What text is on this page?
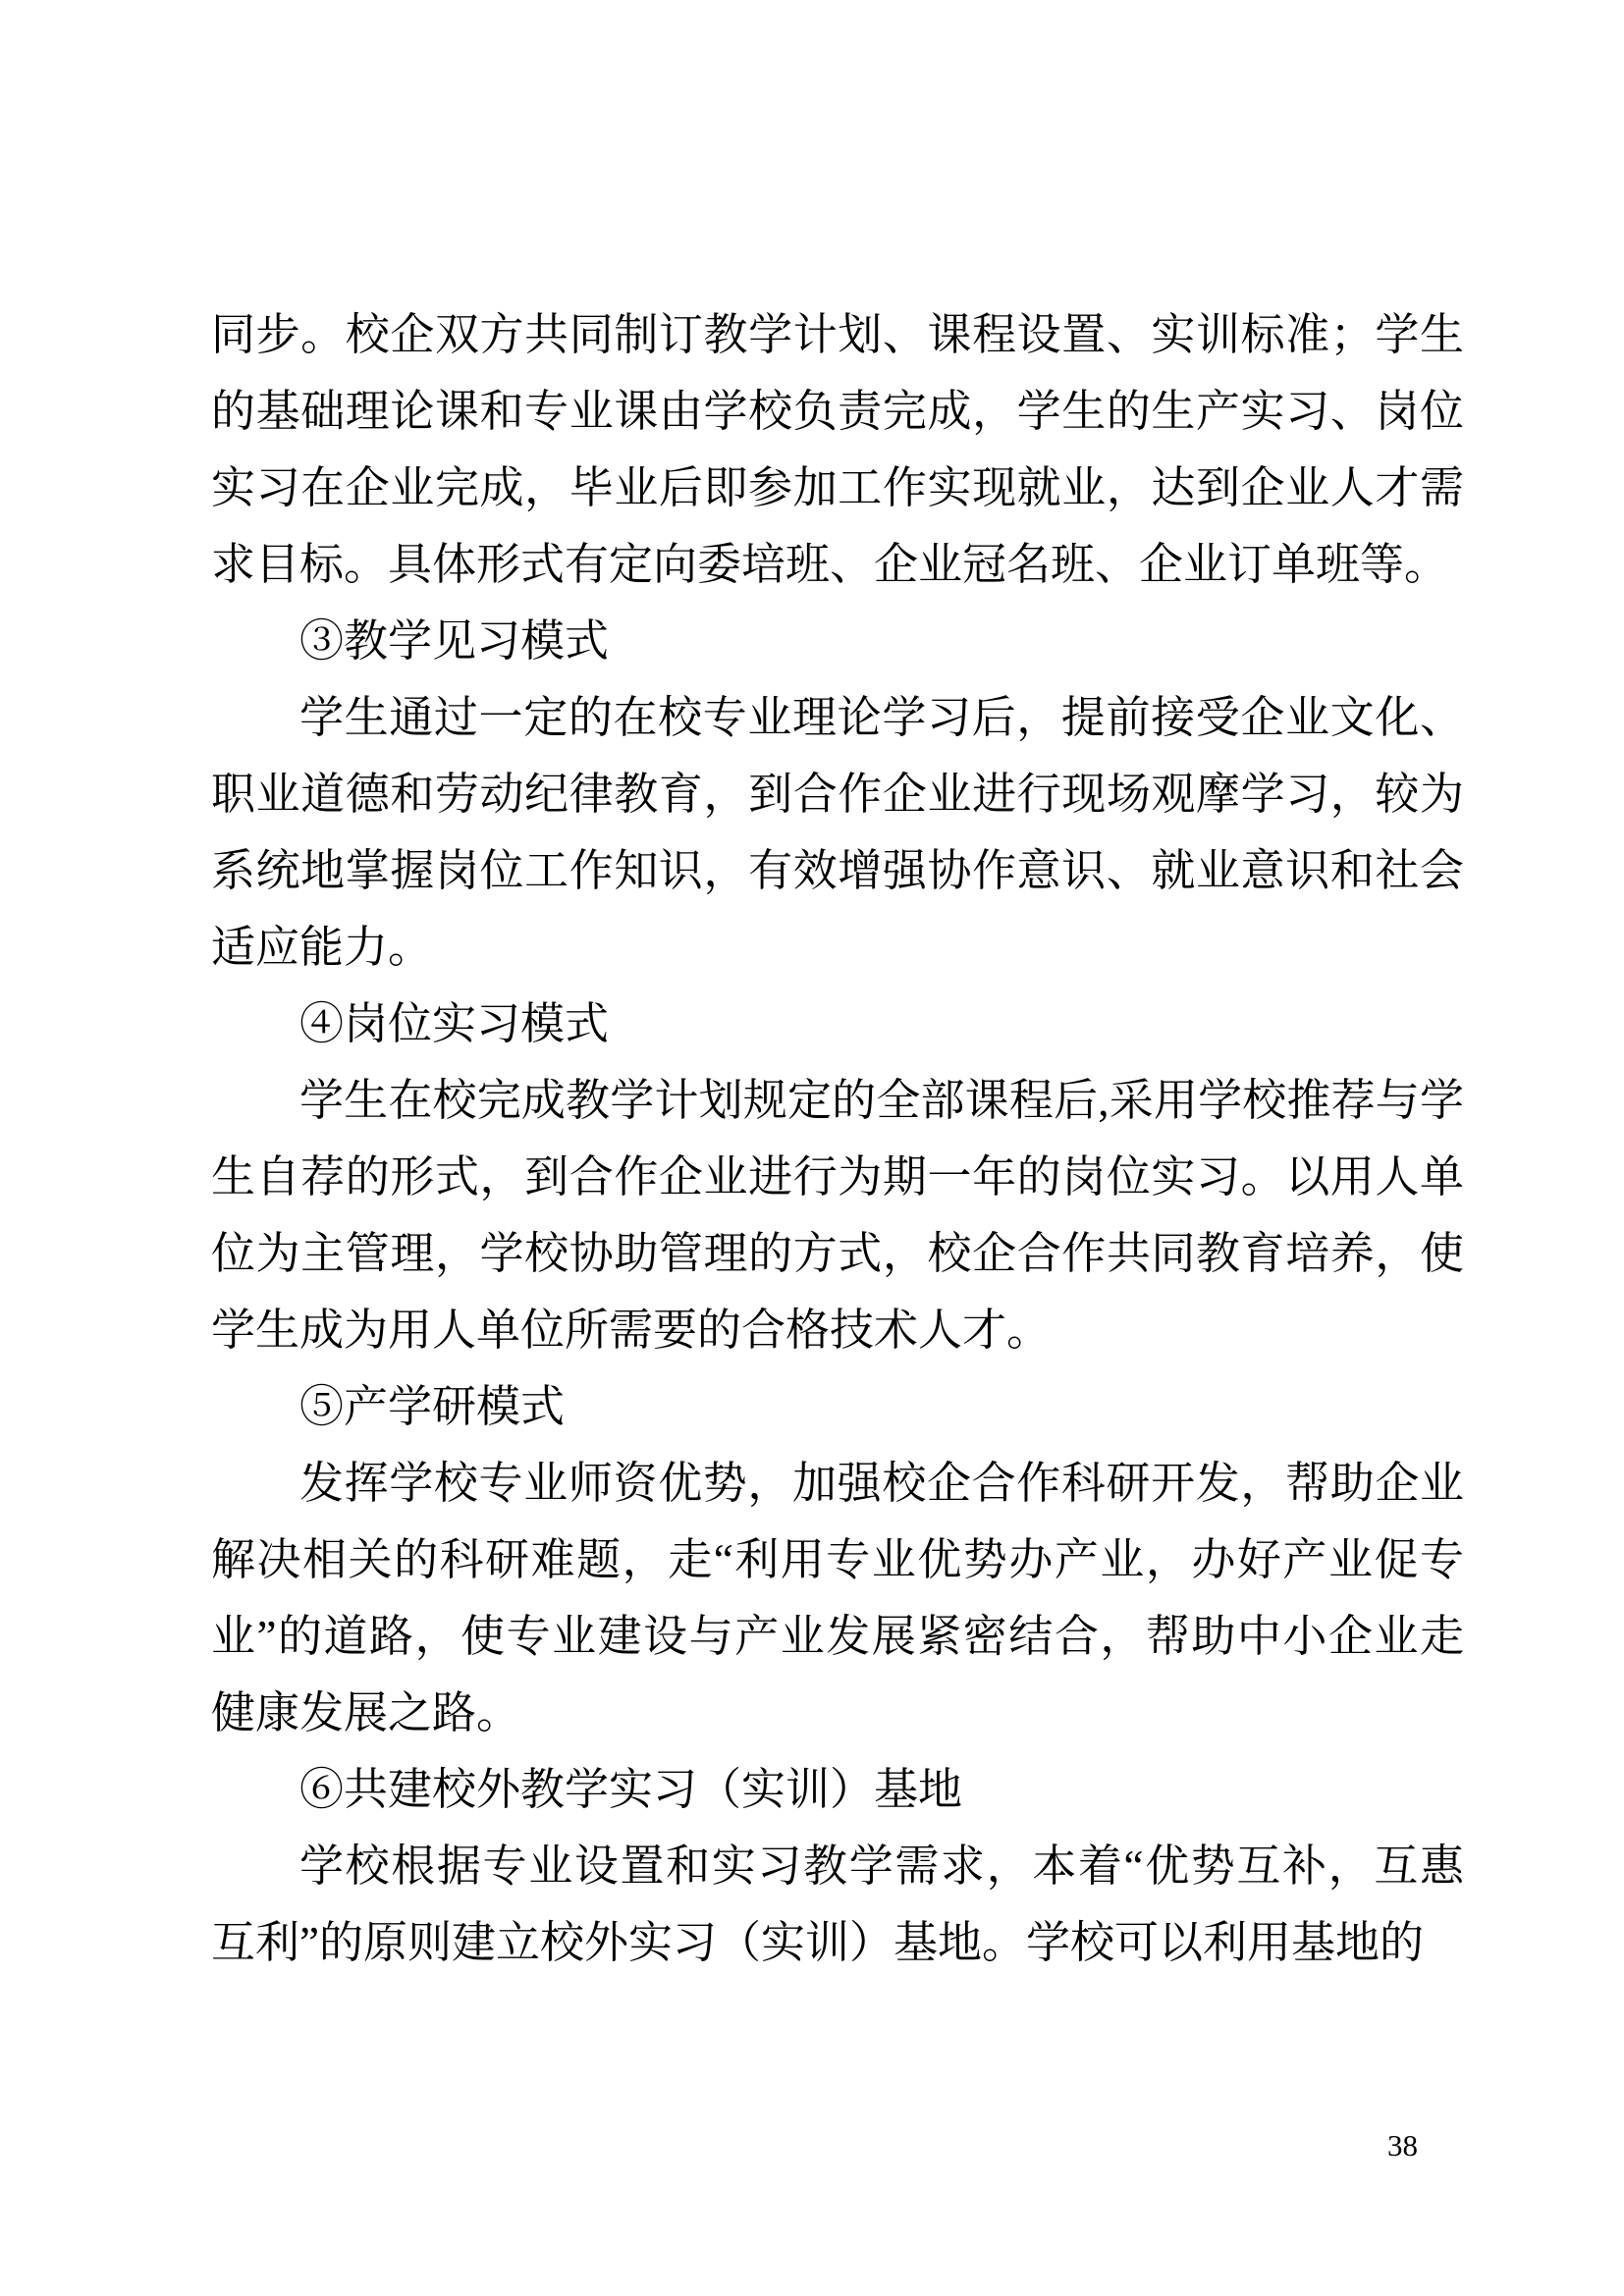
同步。校企双方共同制订教学计划、课程设置、实训标准；学生的基础理论课和专业课由学校负责完成，学生的生产实习、岗位实习在企业完成，毕业后即参加工作实现就业，达到企业人才需求目标。具体形式有定向委培班、企业冠名班、企业订单班等。

③教学见习模式

学生通过一定的在校专业理论学习后，提前接受企业文化、职业道德和劳动纪律教育，到合作企业进行现场观摩学习，较为系统地掌握岗位工作知识，有效增强协作意识、就业意识和社会适应能力。

④岗位实习模式

学生在校完成教学计划规定的全部课程后,采用学校推荐与学生自荐的形式，到合作企业进行为期一年的岗位实习。以用人单位为主管理，学校协助管理的方式，校企合作共同教育培养，使学生成为用人单位所需要的合格技术人才。

⑤产学研模式

发挥学校专业师资优势，加强校企合作科研开发，帮助企业解决相关的科研难题，走“利用专业优势办产业，办好产业促专业”的道路，使专业建设与产业发展紧密结合，帮助中小企业走健康发展之路。

⑥共建校外教学实习（实训）基地

学校根据专业设置和实习教学需求，本着“优势互补，互惠互利”的原则建立校外实习（实训）基地。学校可以利用基地的

38
